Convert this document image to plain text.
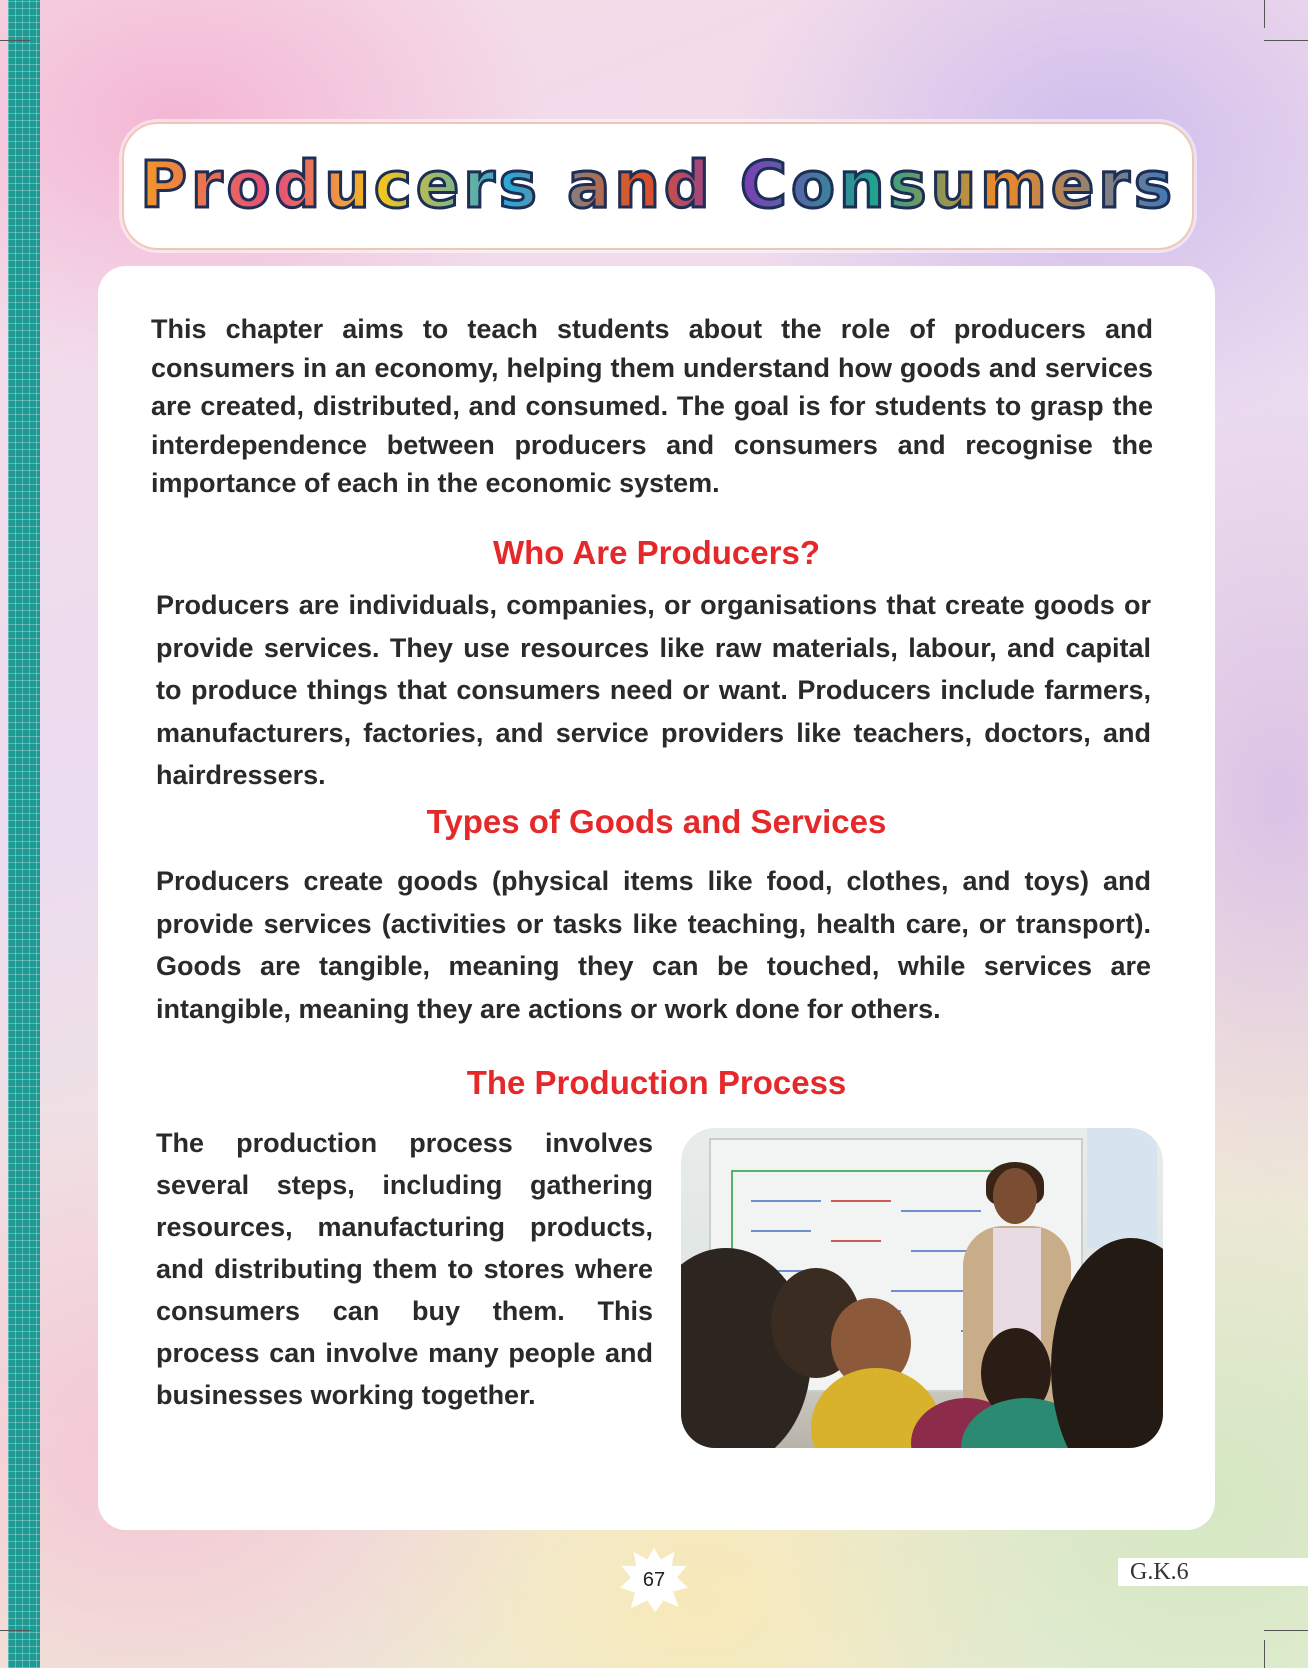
Producers and Consumers

This chapter aims to teach students about the role of producers and consumers in an economy, helping them understand how goods and services are created, distributed, and consumed. The goal is for students to grasp the interdependence between producers and consumers and recognise the importance of each in the economic system.

Who Are Producers?

Producers are individuals, companies, or organisations that create goods or provide services. They use resources like raw materials, labour, and capital to produce things that consumers need or want. Producers include farmers, manufacturers, factories, and service providers like teachers, doctors, and hairdressers.

Types of Goods and Services

Producers create goods (physical items like food, clothes, and toys) and provide services (activities or tasks like teaching, health care, or transport). Goods are tangible, meaning they can be touched, while services are intangible, meaning they are actions or work done for others.

The Production Process

The production process involves several steps, including gathering resources, manufacturing products, and distributing them to stores where consumers can buy them. This process can involve many people and businesses working together.

67	G.K.6
